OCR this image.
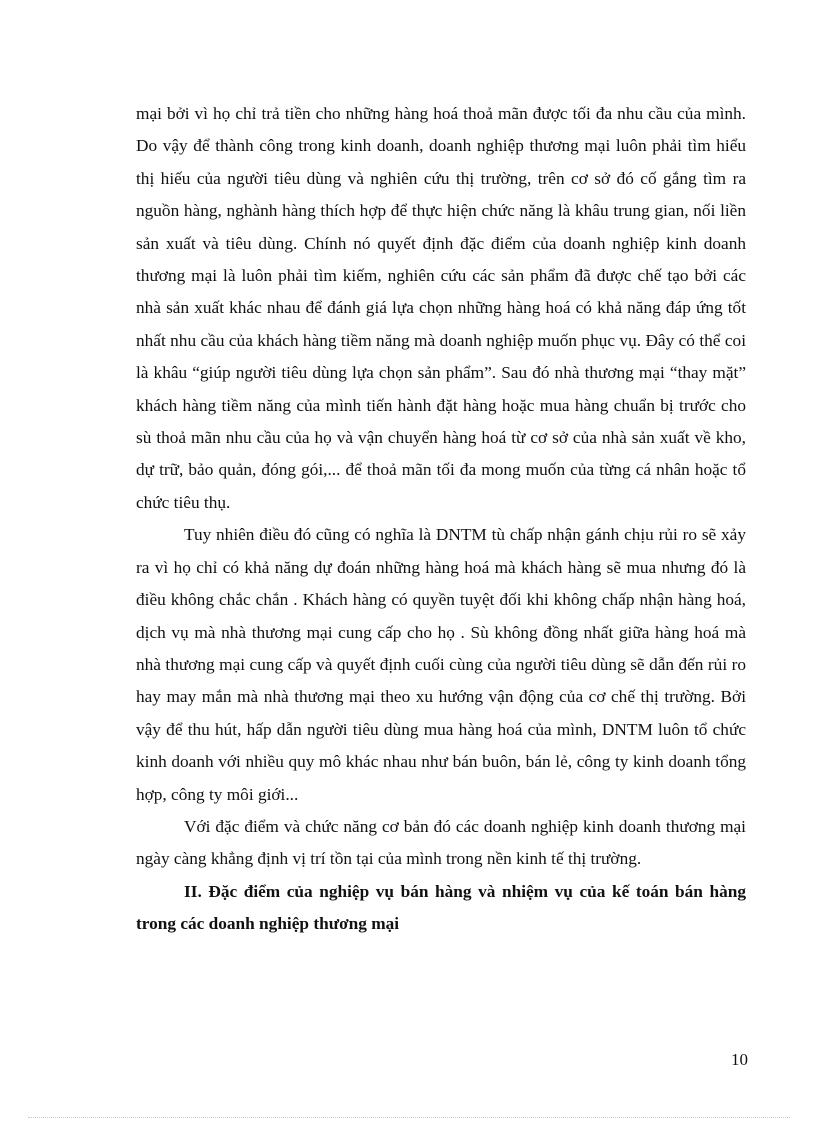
mại bởi vì họ chỉ trả tiền cho những hàng hoá thoả mãn được tối đa nhu cầu của mình. Do vậy để thành công trong kinh doanh, doanh nghiệp thương mại luôn phải tìm hiểu thị hiếu của người tiêu dùng và nghiên cứu thị trường, trên cơ sở đó cố gắng tìm ra nguồn hàng, nghành hàng thích hợp để thực hiện chức năng là khâu trung gian, nối liền sản xuất và tiêu dùng. Chính nó quyết định đặc điểm của doanh nghiệp kinh doanh thương mại là luôn phải tìm kiếm, nghiên cứu các sản phẩm đã được chế tạo bởi các nhà sản xuất khác nhau để đánh giá lựa chọn những hàng hoá có khả năng đáp ứng tốt nhất nhu cầu của khách hàng tiềm năng mà doanh nghiệp muốn phục vụ. Đây có thể coi là khâu “giúp người tiêu dùng lựa chọn sản phẩm”. Sau đó nhà thương mại “thay mặt” khách hàng tiềm năng của mình tiến hành đặt hàng hoặc mua hàng chuẩn bị trước cho sù thoả mãn nhu cầu của họ và vận chuyển hàng hoá từ cơ sở của nhà sản xuất về kho, dự trữ, bảo quản, đóng gói,... để thoả mãn tối đa mong muốn của từng cá nhân hoặc tổ chức tiêu thụ.

Tuy nhiên điều đó cũng có nghĩa là DNTM tù chấp nhận gánh chịu rủi ro sẽ xảy ra vì họ chỉ có khả năng dự đoán những hàng hoá mà khách hàng sẽ mua nhưng đó là điều không chắc chắn . Khách hàng có quyền tuyệt đối khi không chấp nhận hàng hoá, dịch vụ mà nhà thương mại cung cấp cho họ . Sù không đồng nhất giữa hàng hoá mà nhà thương mại cung cấp và quyết định cuối cùng của người tiêu dùng sẽ dẫn đến rủi ro hay may mắn mà nhà thương mại theo xu hướng vận động của cơ chế thị trường. Bởi vậy để thu hút, hấp dẫn người tiêu dùng mua hàng hoá của mình, DNTM luôn tổ chức kinh doanh với nhiều quy mô khác nhau như bán buôn, bán lẻ, công ty kinh doanh tổng hợp, công ty môi giới...

Với đặc điểm và chức năng cơ bản đó các doanh nghiệp kinh doanh thương mại ngày càng khẳng định vị trí tồn tại của mình trong nền kinh tế thị trường.

II. Đặc điểm của nghiệp vụ bán hàng và nhiệm vụ của kế toán bán hàng trong các doanh nghiệp thương mại

10
